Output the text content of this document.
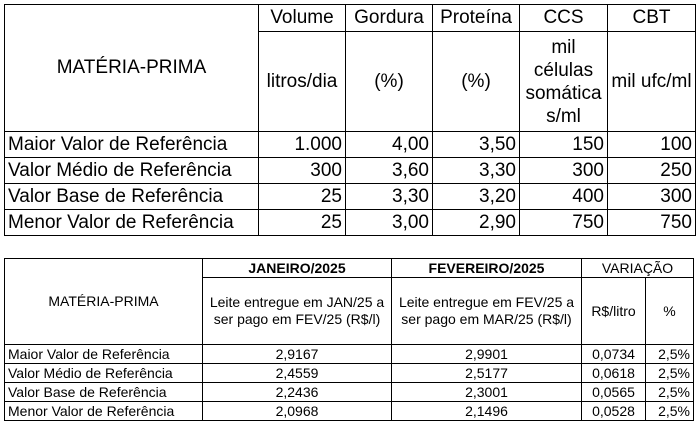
MATÉRIA-PRIMA	Volume	Gordura	Proteína	CCS	CBT
	litros/dia	(%)	(%)	mil células somática s/ml	mil ufc/ml
Maior Valor de Referência	1.000	4,00	3,50	150	100
Valor Médio de Referência	300	3,60	3,30	300	250
Valor Base de Referência	25	3,30	3,20	400	300
Menor Valor de Referência	25	3,00	2,90	750	750
MATÉRIA-PRIMA	JANEIRO/2025	FEVEREIRO/2025	VARIAÇÃO	
	Leite entregue em JAN/25 a ser pago em FEV/25 (R$/l)	Leite entregue em FEV/25 a ser pago em MAR/25 (R$/l)	R$/litro	%
Maior Valor de Referência	2,9167	2,9901	0,0734	2,5%
Valor Médio de Referência	2,4559	2,5177	0,0618	2,5%
Valor Base de Referência	2,2436	2,3001	0,0565	2,5%
Menor Valor de Referência	2,0968	2,1496	0,0528	2,5%
